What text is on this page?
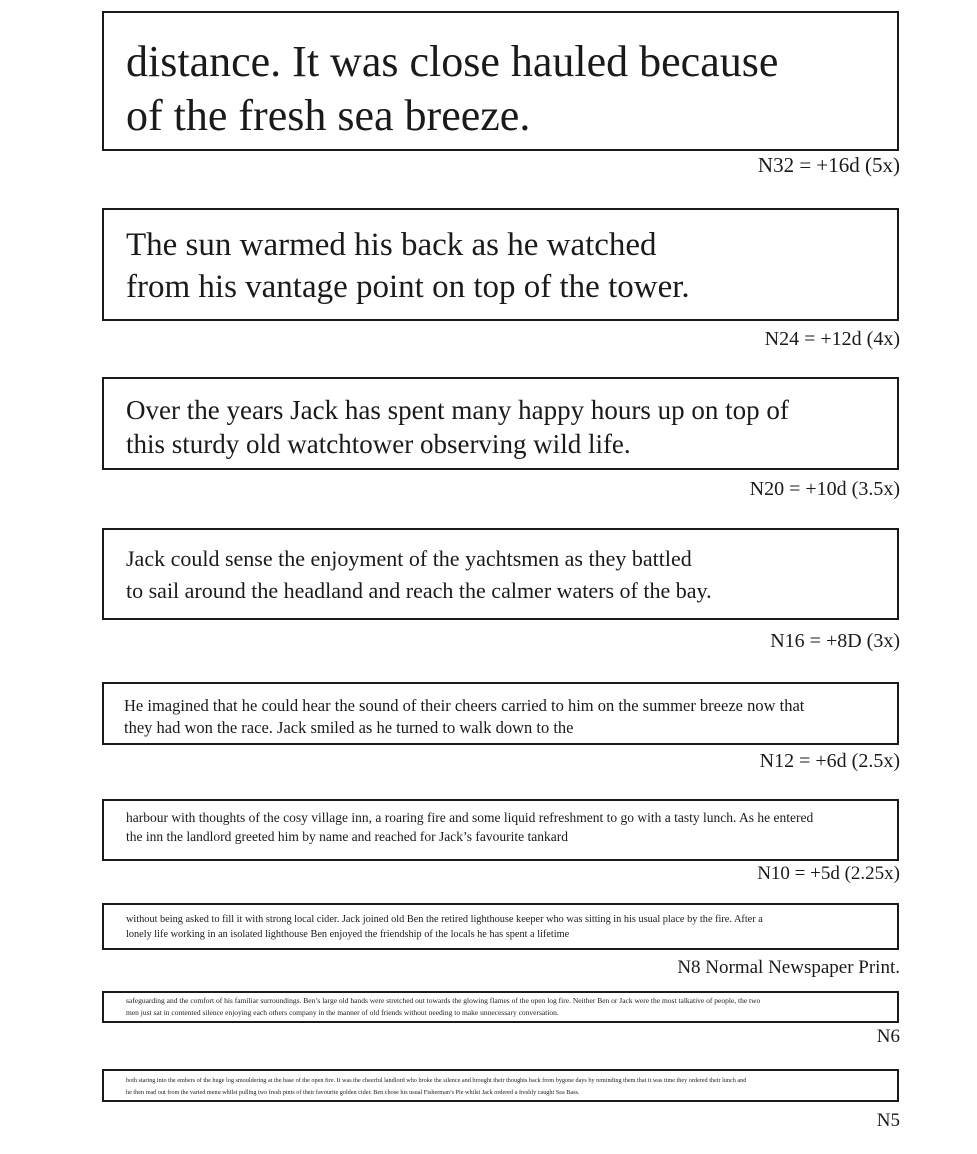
distance. It was close hauled because
of the fresh sea breeze.

N32 = +16d (5x)

The sun warmed his back as he watched
from his vantage point on top of the tower.

N24 = +12d (4x)

Over the years Jack has spent many happy hours up on top of
this sturdy old watchtower observing wild life.

N20 = +10d (3.5x)

Jack could sense the enjoyment of the yachtsmen as they battled
to sail around the headland and reach the calmer waters of the bay.

N16 = +8D (3x)

He imagined that he could hear the sound of their cheers carried to him on the summer breeze now that
they had won the race. Jack smiled as he turned to walk down to the

N12 = +6d (2.5x)

harbour with thoughts of the cosy village inn, a roaring fire and some liquid refreshment to go with a tasty lunch. As he entered
the inn the landlord greeted him by name and reached for Jack’s favourite tankard

N10 = +5d (2.25x)

without being asked to fill it with strong local cider. Jack joined old Ben the retired lighthouse keeper who was sitting in his usual place by the fire. After a
lonely life working in an isolated lighthouse Ben enjoyed the friendship of the locals he has spent a lifetime

N8 Normal Newspaper Print.

safeguarding and the comfort of his familiar surroundings. Ben’s large old hands were stretched out towards the glowing flames of the open log fire. Neither Ben or Jack were the most talkative of people, the two
men just sat in contented silence enjoying each others company in the manner of old friends without needing to make unnecessary conversation.

N6

both staring into the embers of the huge log smouldering at the base of the open fire. It was the cheerful landlord who broke the silence and brought their thoughts back from bygone days by reminding them that it was time they ordered their lunch and
he then read out from the varied menu whilst pulling two fresh pints of their favourite golden cider. Ben chose his usual Fisherman’s Pie whilst Jack ordered a freshly caught Sea Bass.

N5
